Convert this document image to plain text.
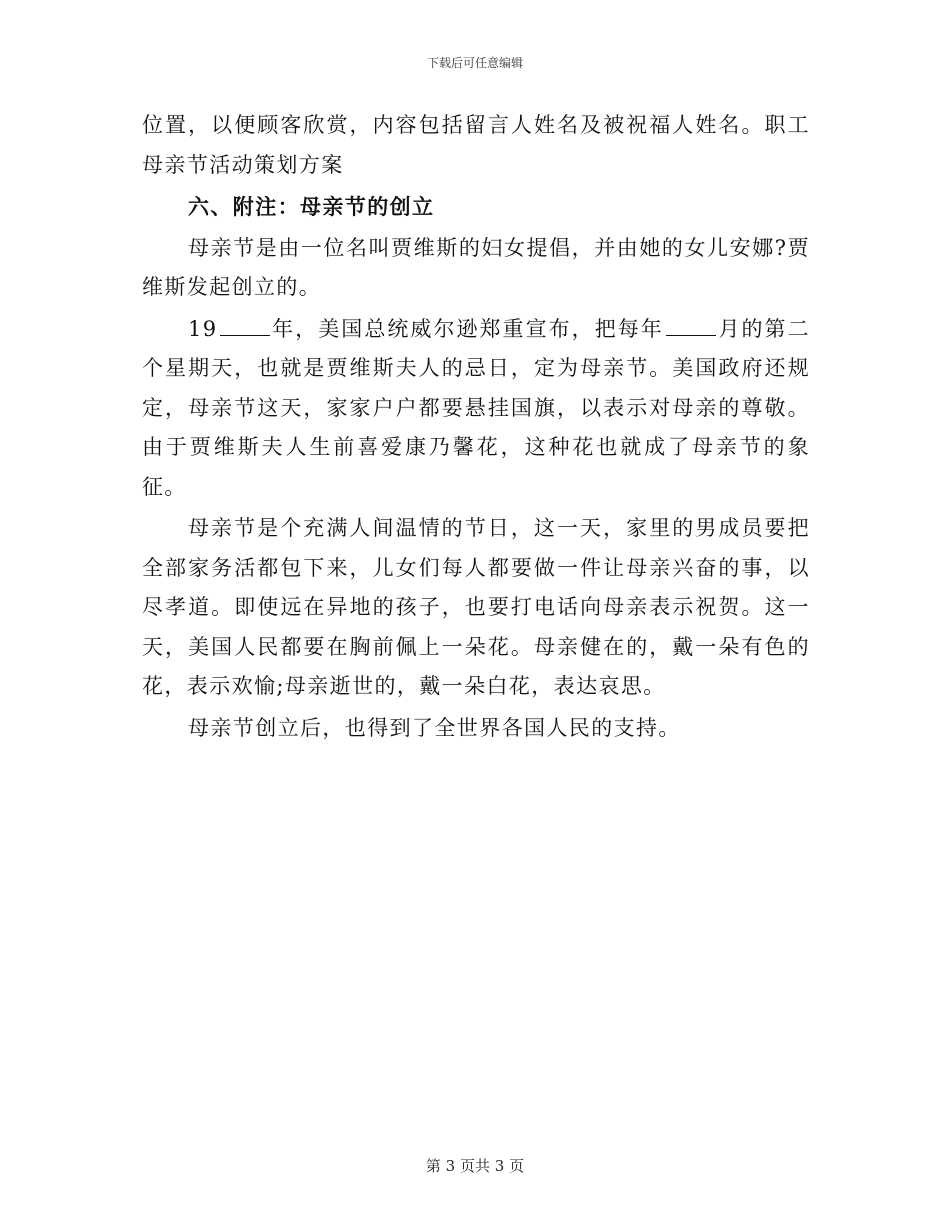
下载后可任意编辑

位置，以便顾客欣赏，内容包括留言人姓名及被祝福人姓名。职工母亲节活动策划方案

六、附注：母亲节的创立

母亲节是由一位名叫贾维斯的妇女提倡，并由她的女儿安娜?贾维斯发起创立的。

19	年，美国总统威尔逊郑重宣布，把每年	月的第二个星期天，也就是贾维斯夫人的忌日，定为母亲节。美国政府还规定，母亲节这天，家家户户都要悬挂国旗，以表示对母亲的尊敬。由于贾维斯夫人生前喜爱康乃馨花，这种花也就成了母亲节的象征。

母亲节是个充满人间温情的节日，这一天，家里的男成员要把全部家务活都包下来，儿女们每人都要做一件让母亲兴奋的事，以尽孝道。即使远在异地的孩子，也要打电话向母亲表示祝贺。这一天，美国人民都要在胸前佩上一朵花。母亲健在的，戴一朵有色的花，表示欢愉;母亲逝世的，戴一朵白花，表达哀思。

母亲节创立后，也得到了全世界各国人民的支持。

第 3 页共 3 页
